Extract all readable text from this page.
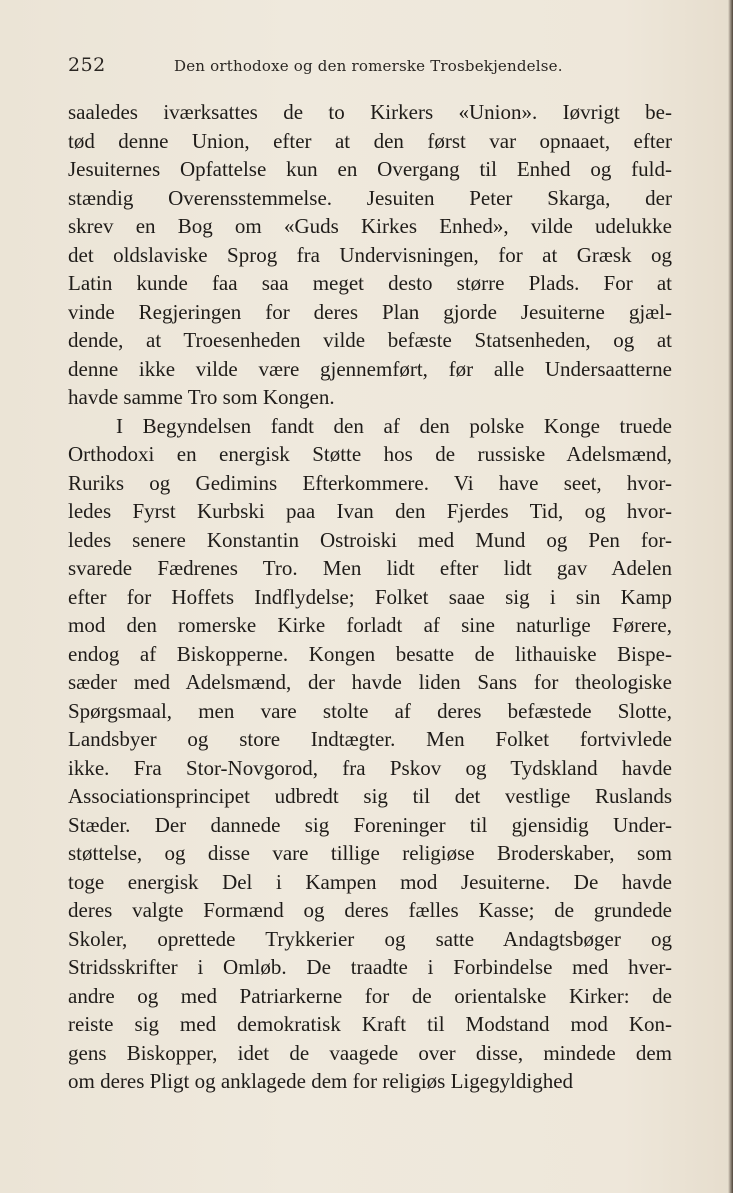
252	Den orthodoxe og den romerske Trosbekjendelse.
saaledes iværksattes de to Kirkers «Union». Iøvrigt be-
tød denne Union, efter at den først var opnaaet, efter
Jesuiternes Opfattelse kun en Overgang til Enhed og fuld-
stændig Overensstemmelse. Jesuiten Peter Skarga, der
skrev en Bog om «Guds Kirkes Enhed», vilde udelukke
det oldslaviske Sprog fra Undervisningen, for at Græsk og
Latin kunde faa saa meget desto større Plads. For at
vinde Regjeringen for deres Plan gjorde Jesuiterne gjæl-
dende, at Troesenheden vilde befæste Statsenheden, og at
denne ikke vilde være gjennemført, før alle Undersaatterne
havde samme Tro som Kongen.
I Begyndelsen fandt den af den polske Konge truede
Orthodoxi en energisk Støtte hos de russiske Adelsmænd,
Ruriks og Gedimins Efterkommere. Vi have seet, hvor-
ledes Fyrst Kurbski paa Ivan den Fjerdes Tid, og hvor-
ledes senere Konstantin Ostroiski med Mund og Pen for-
svarede Fædrenes Tro. Men lidt efter lidt gav Adelen
efter for Hoffets Indflydelse; Folket saae sig i sin Kamp
mod den romerske Kirke forladt af sine naturlige Førere,
endog af Biskopperne. Kongen besatte de lithauiske Bispe-
sæder med Adelsmænd, der havde liden Sans for theologiske
Spørgsmaal, men vare stolte af deres befæstede Slotte,
Landsbyer og store Indtægter. Men Folket fortvivlede
ikke. Fra Stor-Novgorod, fra Pskov og Tydskland havde
Associationsprincipet udbredt sig til det vestlige Ruslands
Stæder. Der dannede sig Foreninger til gjensidig Under-
støttelse, og disse vare tillige religiøse Broderskaber, som
toge energisk Del i Kampen mod Jesuiterne. De havde
deres valgte Formænd og deres fælles Kasse; de grundede
Skoler, oprettede Trykkerier og satte Andagtsbøger og
Stridsskrifter i Omløb. De traadte i Forbindelse med hver-
andre og med Patriarkerne for de orientalske Kirker: de
reiste sig med demokratisk Kraft til Modstand mod Kon-
gens Biskopper, idet de vaagede over disse, mindede dem
om deres Pligt og anklagede dem for religiøs Ligegyldighed
